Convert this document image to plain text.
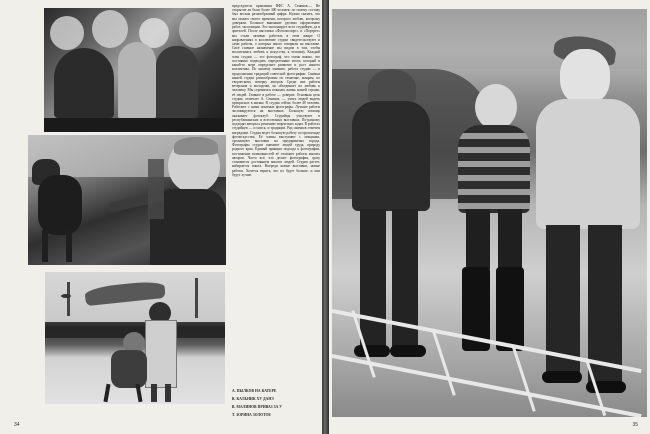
председатель правления НФС А. Сеников.— Не открытие ли было более 300 человек: по своему составу был весьма разнообразный цифра. Нужно сказать, что мы можем своего времени, которого люблю, которому доверяли. Большое внимание уделено оформлению работ, экспозиции. Это экспонирует всех студийцев, да и зрителей. После выставки «Фотоэкспорт» и «Портрет» мы стали активно работать в этом жанре. О направлениях в коллективе студии свидетельствуют и сами работы, о которых много говорили на выставке. Своё главное назначение мы видим в том, чтобы воспитывать любовь к искусству, к человеку. Каждый член студии — это фотограф, что очень важно, что постоянно подводить определенные итоги, который в какой-то мере определяет развитие и рост нашего коллектива. По нашему мнению, работа студии — в продолжении традиций советской фотографии. Снимки нашей студии разнообразны по тематике, жанрам, по творческому почерку авторов. Среди них работы ветеранов и молодежи, но объединяет их любовь к человеку. Мы стремимся показать жизнь нашей страны, её людей. Главное в работе — доверие. Основная цель студии, отмечает А. Сеников, — учить людей видеть прекрасное в жизни. В студии сейчас более 40 человек. Работают с ними опытные фотографы. Лучшие работы экспонируются на выставках. Большую помощь оказывает фотоклуб. Студийцы участвуют в республиканских и всесоюзных выставках. По-разному подходят авторы к решению творческих задач. В работах студийцев — и поиск, и традиции. Ряд снимков отмечен наградами. Студия ведет большую работу по пропаганде фотоискусства. Её члены выступают с лекциями, организуют выставки на предприятиях города. Фотографы студии снимают людей труда, природу родного края. Единый принцип подхода к фотографии, постижение возможностей её отличает работы многих авторов. Часто всё, что делает фотография, сразу становится достоянием многих людей. Студия растет, набирается опыта. Впереди новые выставки, новые работы. Хочется верить, что их будет больше, и они будут лучше.
А. ПЫЛКОВ НА КАТЕРЕ
В. КАЛЬНИК ХУ ДАНЭ
В. МАЛИНОВ ПРИВАЗ ЗА У
Т. ЗОРИНА ЗОЛОТОЕ
34	35
